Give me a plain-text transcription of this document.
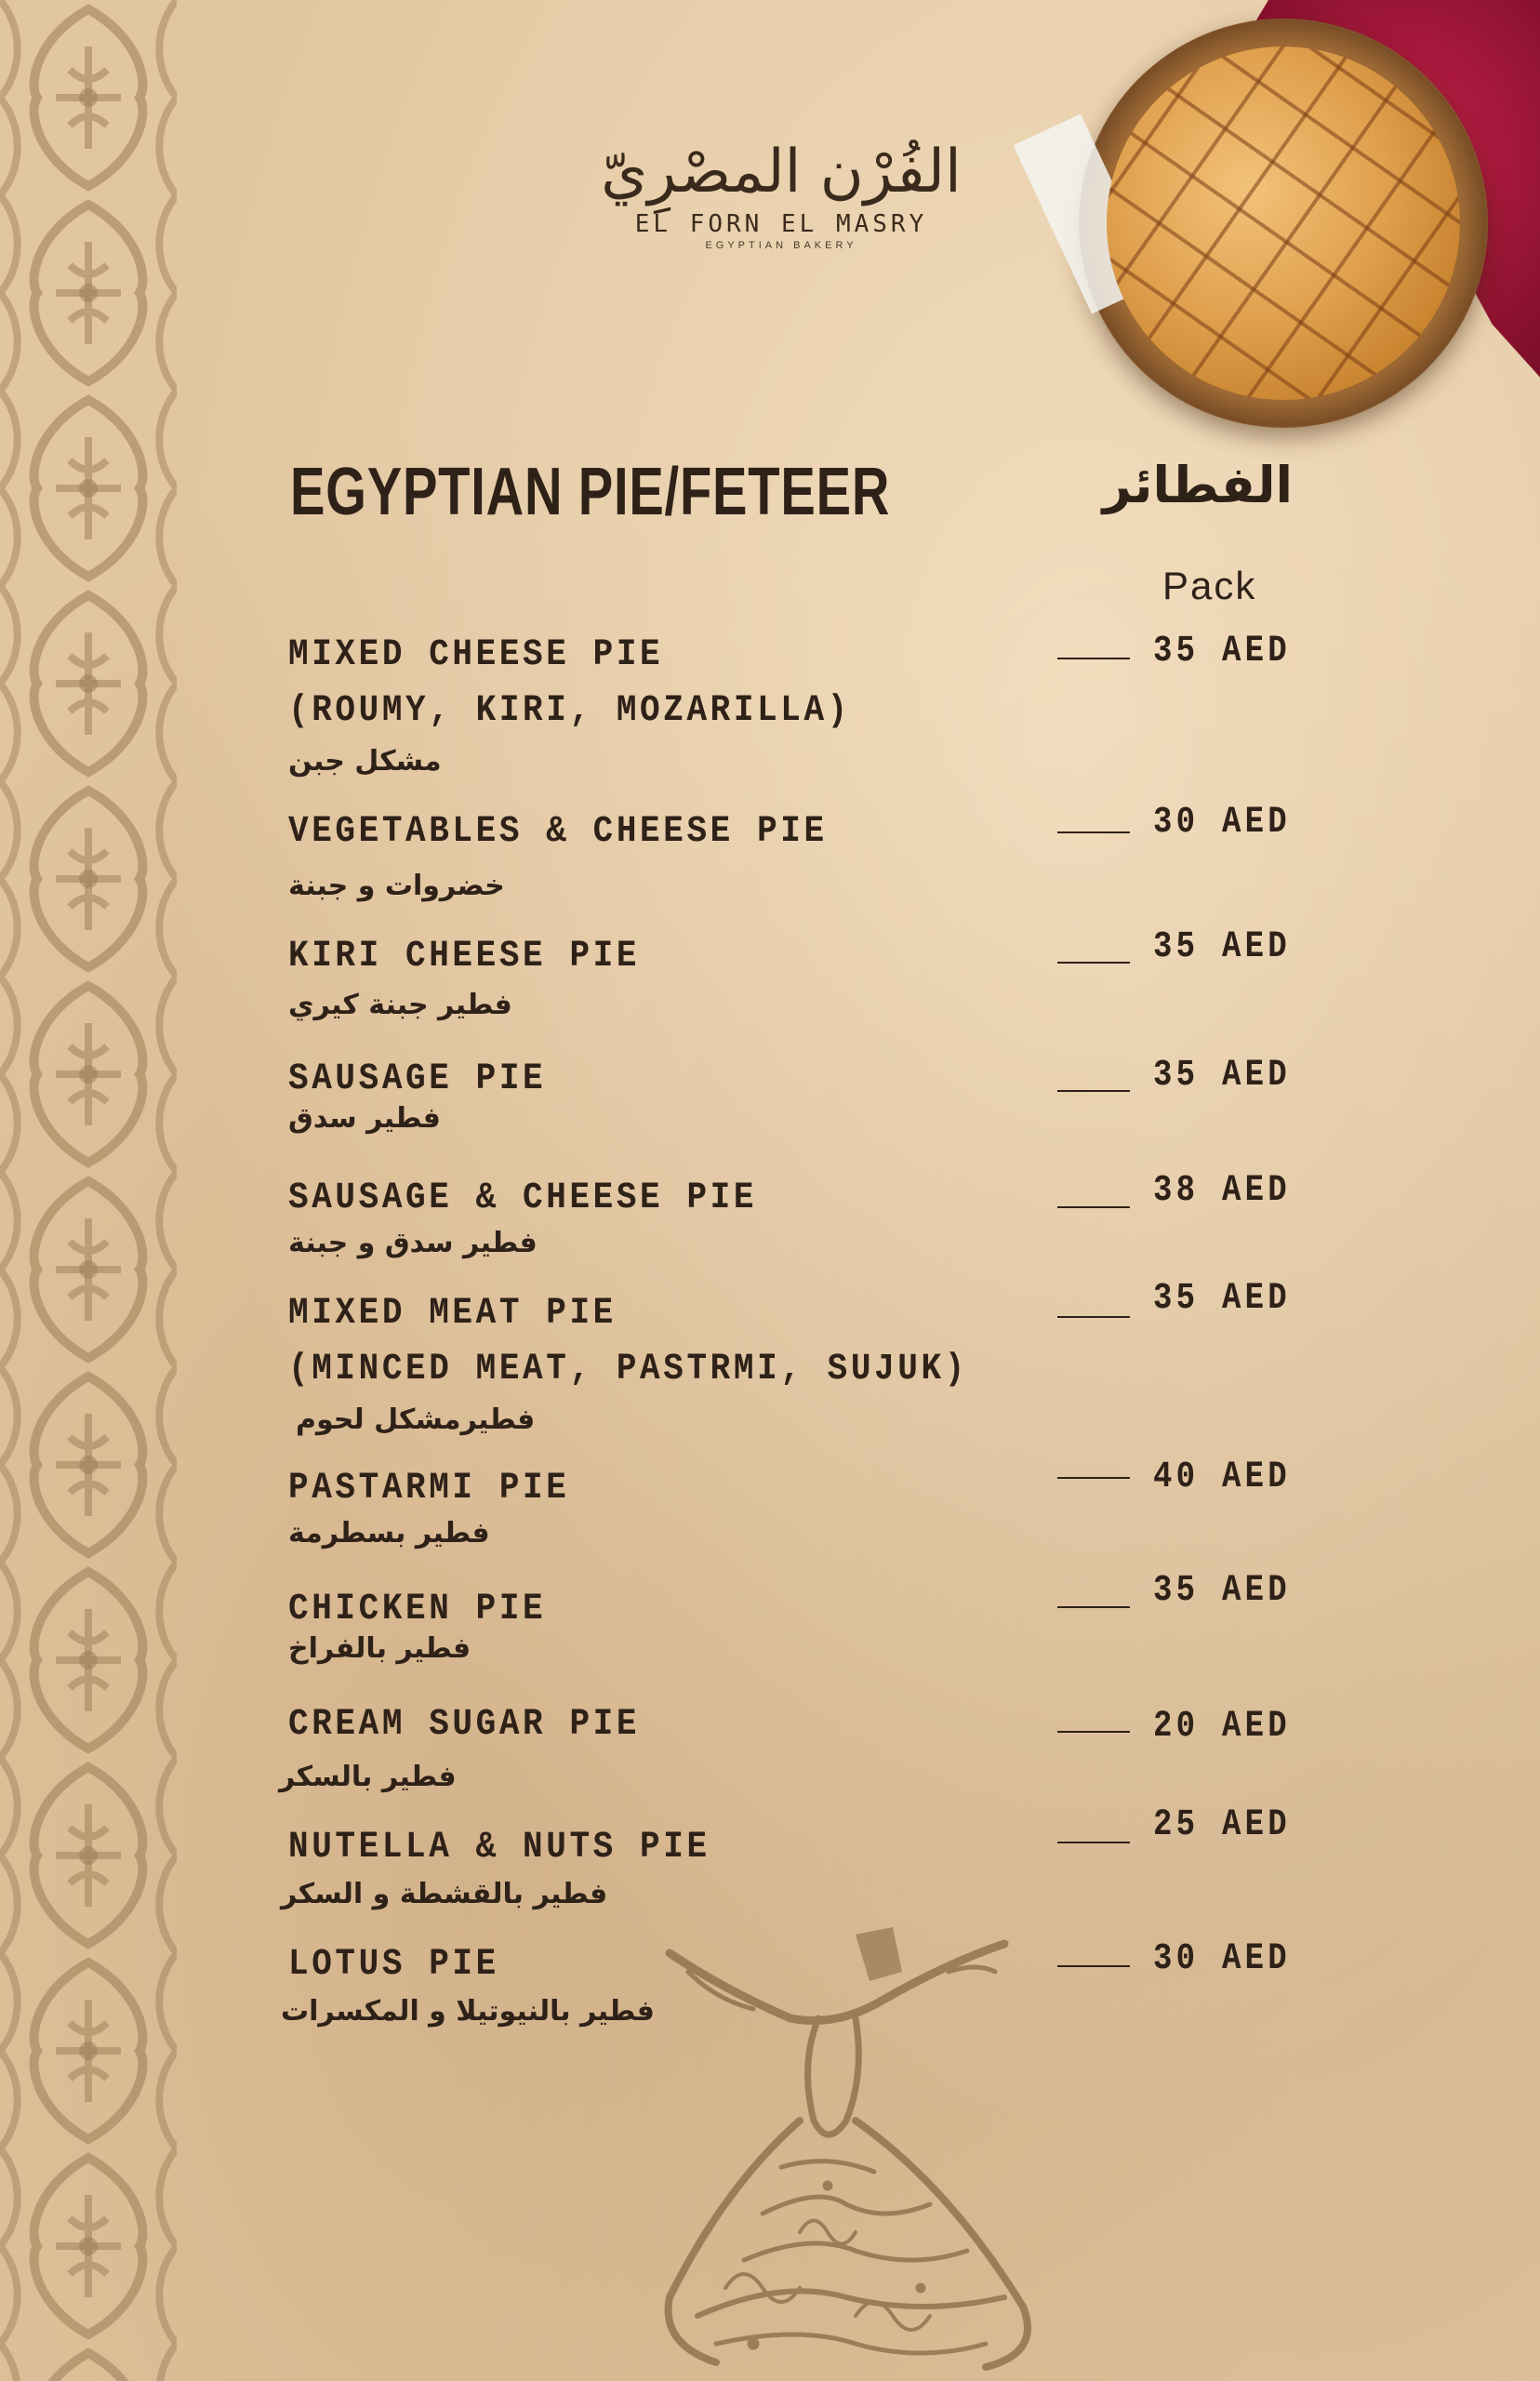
الفُرْن المصْرِيّ
EL FORN EL MASRY
EGYPTIAN BAKERY
EGYPTIAN PIE/FETEER	الفطائر
Pack
MIXED CHEESE PIE
(ROUMY, KIRI, MOZARILLA)
مشكل جبن
35 AED
VEGETABLES & CHEESE PIE
خضروات و جبنة
30 AED
KIRI CHEESE PIE
فطير جبنة كيري
35 AED
SAUSAGE PIE
فطير سدق
35 AED
SAUSAGE & CHEESE PIE
فطير سدق و جبنة
38 AED
MIXED MEAT PIE
(MINCED MEAT, PASTRMI, SUJUK)
فطيرمشكل لحوم
35 AED
PASTARMI PIE
فطير بسطرمة
40 AED
CHICKEN PIE
فطير بالفراخ
35 AED
CREAM SUGAR PIE
فطير بالسكر
20 AED
NUTELLA & NUTS PIE
فطير بالقشطة و السكر
25 AED
LOTUS PIE
فطير بالنيوتيلا و المكسرات
30 AED
